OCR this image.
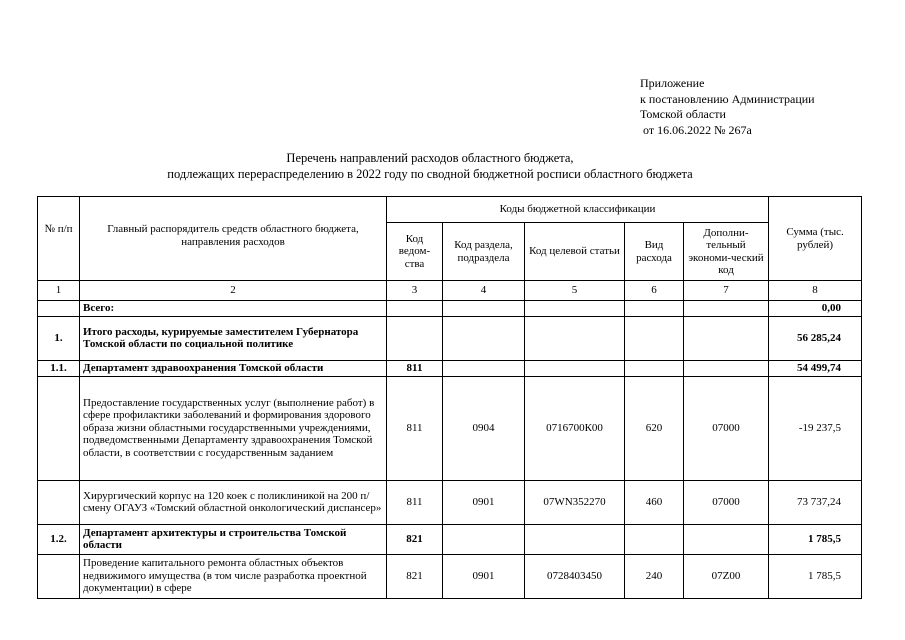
Приложение
к постановлению Администрации
Томской области
от 16.06.2022 № 267а
Перечень направлений расходов областного бюджета,
подлежащих перераспределению в 2022 году по сводной бюджетной росписи областного бюджета
№ п/п	Главный распорядитель средств областного бюджета, направления расходов	Коды бюджетной классификации					Сумма (тыс. рублей)
		Код ведом-ства	Код раздела, подраздела	Код целевой статьи	Вид расхода	Дополни-тельный экономи-ческий код	
1	2	3	4	5	6	7	8
	Всего:						0,00
1.	Итого расходы, курируемые заместителем Губернатора Томской области по социальной политике						56 285,24
1.1.	Департамент здравоохранения Томской области	811					54 499,74
	Предоставление государственных услуг (выполнение работ) в сфере профилактики заболеваний и формирования здорового образа жизни областными государственными учреждениями, подведомственными Департаменту здравоохранения Томской области, в соответствии с государственным заданием	811	0904	0716700К00	620	07000	-19 237,5
	Хирургический корпус на 120 коек с поликлиникой на 200 п/смену ОГАУЗ «Томский областной онкологический диспансер»	811	0901	07WN352270	460	07000	73 737,24
1.2.	Департамент архитектуры и строительства Томской области	821					1 785,5
	Проведение капитального ремонта областных объектов недвижимого имущества (в том числе разработка проектной документации) в сфере	821	0901	0728403450	240	07Z00	1 785,5
